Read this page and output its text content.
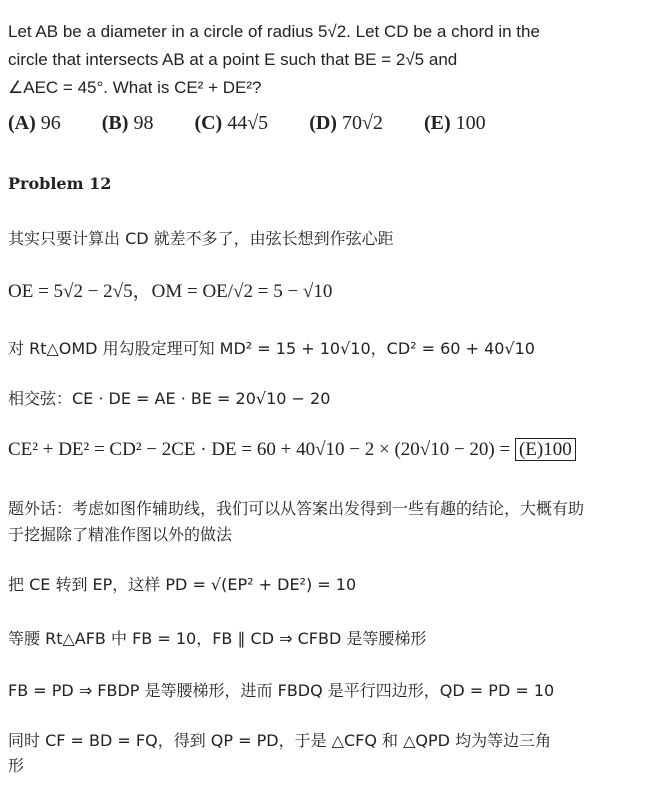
Let AB be a diameter in a circle of radius 5√2. Let CD be a chord in the
circle that intersects AB at a point E such that BE = 2√5 and
∠AEC = 45°. What is CE² + DE²?
(A) 96 (B) 98 (C) 44√5 (D) 70√2 (E) 100
Problem 12
其实只要计算出 CD 就差不多了，由弦长想到作弦心距
OE = 5√2 − 2√5，OM = OE/√2 = 5 − √10
对 Rt△OMD 用勾股定理可知 MD² = 15 + 10√10，CD² = 60 + 40√10
相交弦：CE · DE = AE · BE = 20√10 − 20
CE² + DE² = CD² − 2CE · DE = 60 + 40√10 − 2 × (20√10 − 20) = (E)100
题外话：考虑如图作辅助线，我们可以从答案出发得到一些有趣的结论，大概有助
于挖掘除了精准作图以外的做法
把 CE 转到 EP，这样 PD = √(EP² + DE²) = 10
等腰 Rt△AFB 中 FB = 10，FB ∥ CD ⇒ CFBD 是等腰梯形
FB = PD ⇒ FBDP 是等腰梯形，进而 FBDQ 是平行四边形，QD = PD = 10
同时 CF = BD = FQ，得到 QP = PD，于是 △CFQ 和 △QPD 均为等边三角
形
